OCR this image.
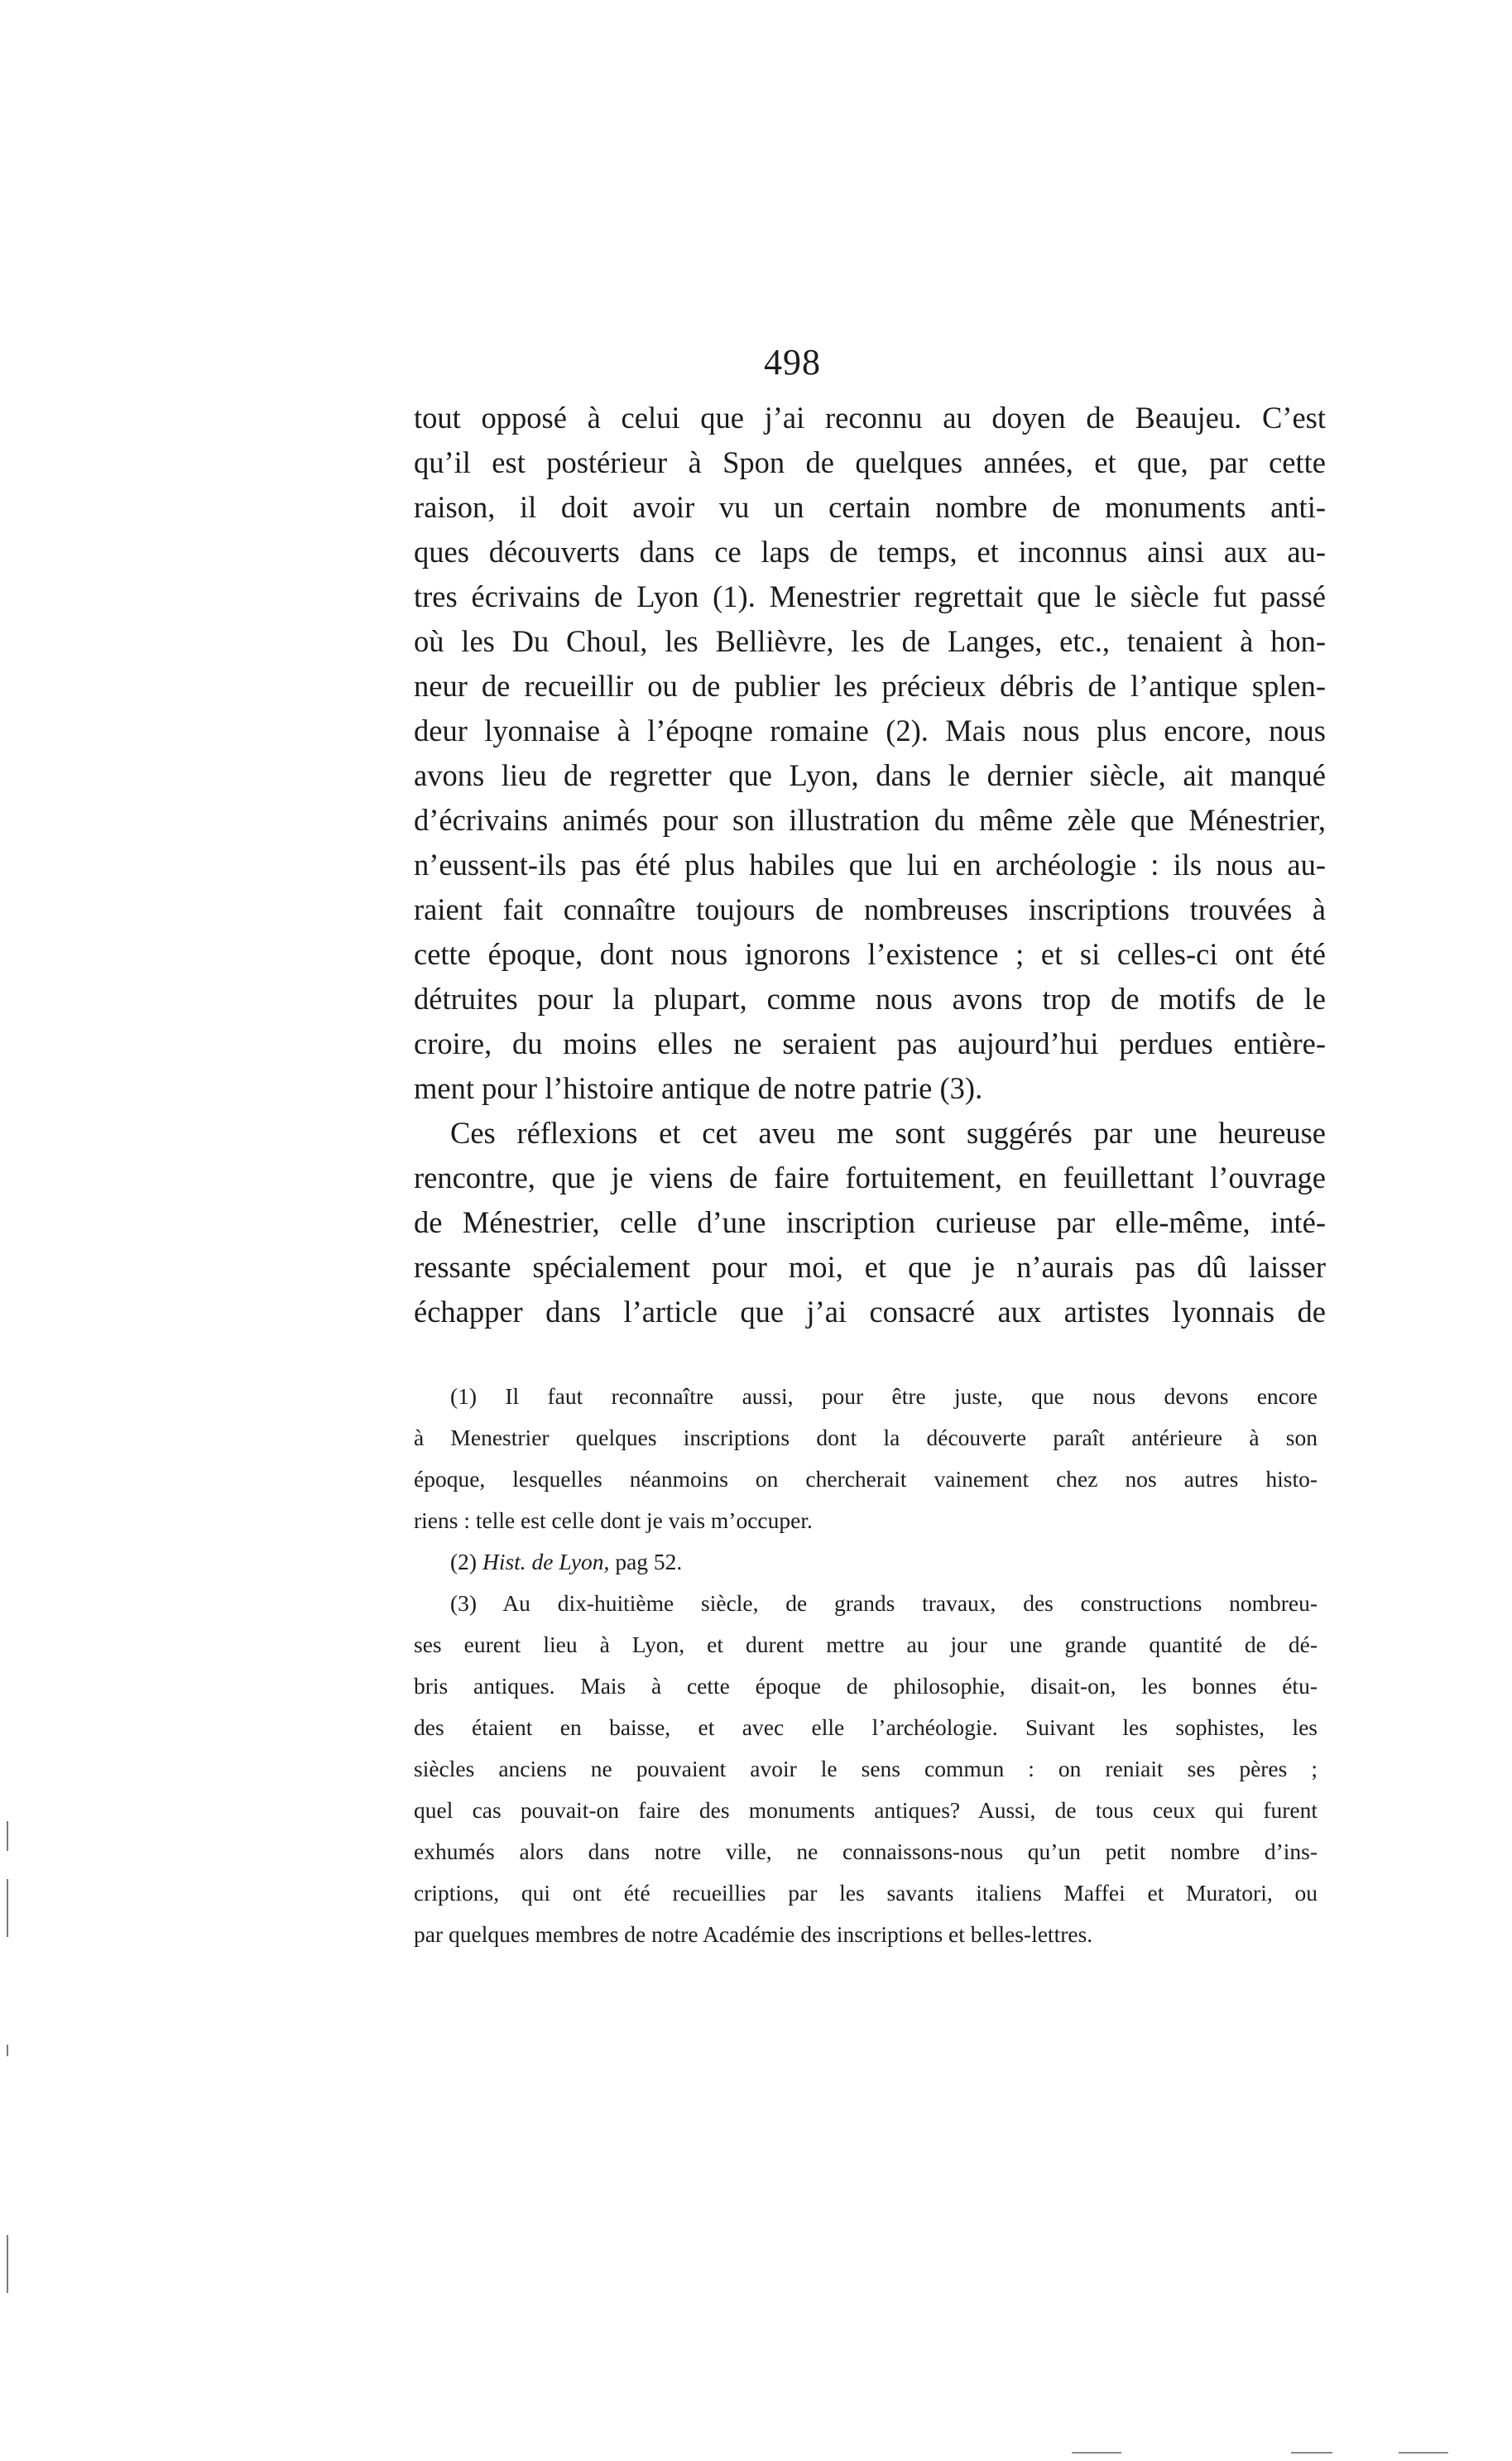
498
tout opposé à celui que j’ai reconnu au doyen de Beaujeu. C’est
qu’il est postérieur à Spon de quelques années, et que, par cette
raison, il doit avoir vu un certain nombre de monuments anti-
ques découverts dans ce laps de temps, et inconnus ainsi aux au-
tres écrivains de Lyon (1). Menestrier regrettait que le siècle fut passé
où les Du Choul, les Bellièvre, les de Langes, etc., tenaient à hon-
neur de recueillir ou de publier les précieux débris de l’antique splen-
deur lyonnaise à l’époqne romaine (2). Mais nous plus encore, nous
avons lieu de regretter que Lyon, dans le dernier siècle, ait manqué
d’écrivains animés pour son illustration du même zèle que Ménestrier,
n’eussent-ils pas été plus habiles que lui en archéologie : ils nous au-
raient fait connaître toujours de nombreuses inscriptions trouvées à
cette époque, dont nous ignorons l’existence ; et si celles-ci ont été
détruites pour la plupart, comme nous avons trop de motifs de le
croire, du moins elles ne seraient pas aujourd’hui perdues entière-
ment pour l’histoire antique de notre patrie (3).
Ces réflexions et cet aveu me sont suggérés par une heureuse
rencontre, que je viens de faire fortuitement, en feuillettant l’ouvrage
de Ménestrier, celle d’une inscription curieuse par elle-même, inté-
ressante spécialement pour moi, et que je n’aurais pas dû laisser
échapper dans l’article que j’ai consacré aux artistes lyonnais de
(1) Il faut reconnaître aussi, pour être juste, que nous devons encore
à Menestrier quelques inscriptions dont la découverte paraît antérieure à son
époque, lesquelles néanmoins on chercherait vainement chez nos autres histo-
riens : telle est celle dont je vais m’occuper.
(2) Hist. de Lyon, pag 52.
(3) Au dix-huitième siècle, de grands travaux, des constructions nombreu-
ses eurent lieu à Lyon, et durent mettre au jour une grande quantité de dé-
bris antiques. Mais à cette époque de philosophie, disait-on, les bonnes étu-
des étaient en baisse, et avec elle l’archéologie. Suivant les sophistes, les
siècles anciens ne pouvaient avoir le sens commun : on reniait ses pères ;
quel cas pouvait-on faire des monuments antiques? Aussi, de tous ceux qui furent
exhumés alors dans notre ville, ne connaissons-nous qu’un petit nombre d’ins-
criptions, qui ont été recueillies par les savants italiens Maffei et Muratori, ou
par quelques membres de notre Académie des inscriptions et belles-lettres.
